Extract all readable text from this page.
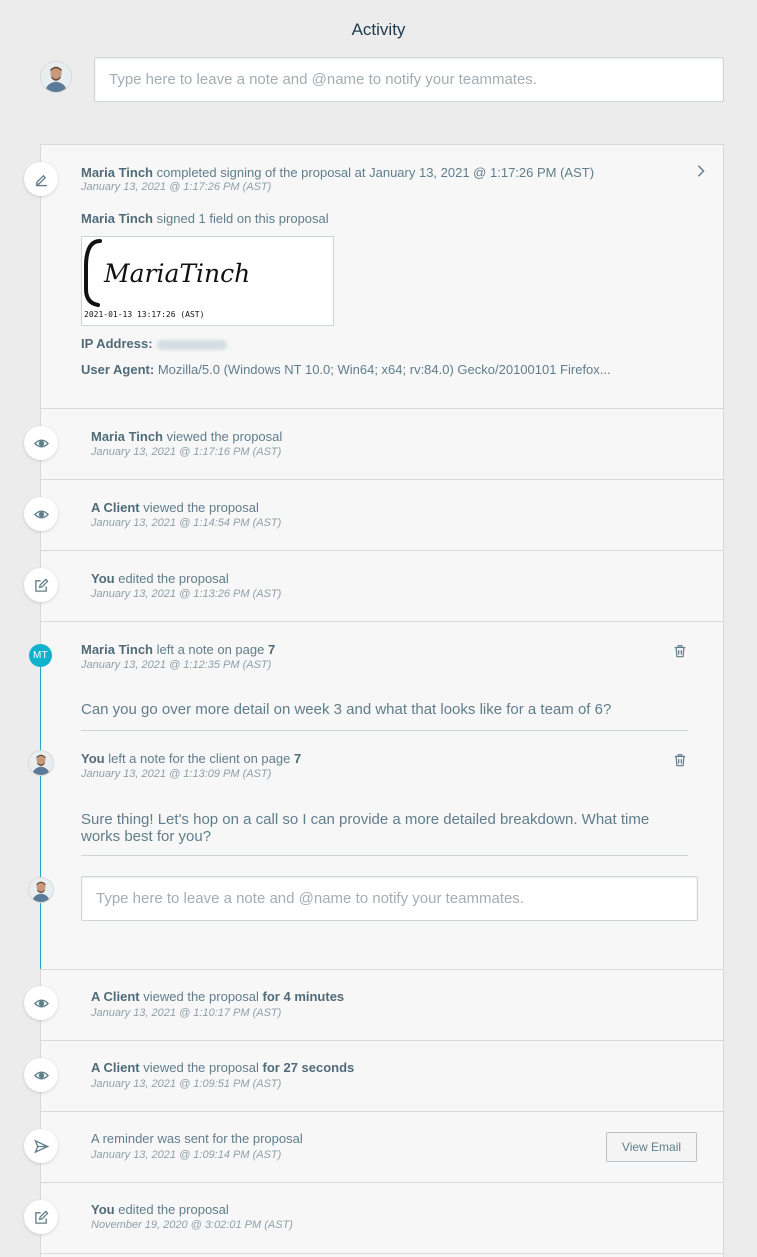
Activity
Type here to leave a note and @name to notify your teammates.
Maria Tinch completed signing of the proposal at January 13, 2021 @ 1:17:26 PM (AST)
January 13, 2021 @ 1:17:26 PM (AST)
Maria Tinch signed 1 field on this proposal
MariaTinch
2021-01-13 13:17:26 (AST)
IP Address:
User Agent: Mozilla/5.0 (Windows NT 10.0; Win64; x64; rv:84.0) Gecko/20100101 Firefox...
Maria Tinch viewed the proposal
January 13, 2021 @ 1:17:16 PM (AST)
A Client viewed the proposal
January 13, 2021 @ 1:14:54 PM (AST)
You edited the proposal
January 13, 2021 @ 1:13:26 PM (AST)
MT	Maria Tinch left a note on page 7
January 13, 2021 @ 1:12:35 PM (AST)
Can you go over more detail on week 3 and what that looks like for a team of 6?
You left a note for the client on page 7
January 13, 2021 @ 1:13:09 PM (AST)
Sure thing! Let's hop on a call so I can provide a more detailed breakdown. What time works best for you?
Type here to leave a note and @name to notify your teammates.
A Client viewed the proposal for 4 minutes
January 13, 2021 @ 1:10:17 PM (AST)
A Client viewed the proposal for 27 seconds
January 13, 2021 @ 1:09:51 PM (AST)
A reminder was sent for the proposal
January 13, 2021 @ 1:09:14 PM (AST)
View Email
You edited the proposal
November 19, 2020 @ 3:02:01 PM (AST)
